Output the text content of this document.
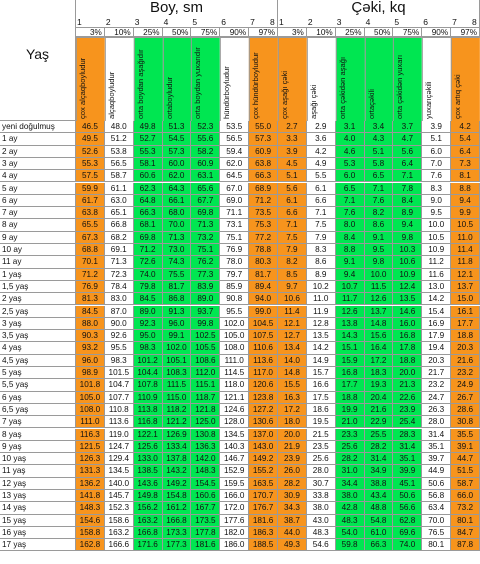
Yaş
Boy, sm	Çəki, kq
1	2	3	4	5	6	7 8 1	2	3	4	5	6	7 8
3%	10%	25%	50%	75%	90%	97%	3%	10%	25%	50%	75%	90%	97%
çox alçaqboyludur	alçaqboyludur	orta boydan aşağıdır	ortaboyludur	orta boydan yuxarıdır	hündürboyludur	çox hündürboyludur	çox aşağı çəki	aşağı çəki	orta çəkidən aşağı	ortaçəkili	orta çəkidən yuxarı	yuxarıçəkili	çox artıq çəki
yeni doğulmuş	46.5	48.0	49.8	51.3	52.3	53.5	55.0	2.7	2.9	3.1	3.4	3.7	3.9	4.2
1 ay	49.5	51.2	52.7	54.5	55.6	56.5	57.3	3.3	3.6	4.0	4.3	4.7	5.1	5.4
2 ay	52.6	53.8	55.3	57.3	58.2	59.4	60.9	3.9	4.2	4.6	5.1	5.6	6.0	6.4
3 ay	55.3	56.5	58.1	60.0	60.9	62.0	63.8	4.5	4.9	5.3	5.8	6.4	7.0	7.3
4 ay	57.5	58.7	60.6	62.0	63.1	64.5	66.3	5.1	5.5	6.0	6.5	7.1	7.6	8.1
5 ay	59.9	61.1	62.3	64.3	65.6	67.0	68.9	5.6	6.1	6.5	7.1	7.8	8.3	8.8
6 ay	61.7	63.0	64.8	66.1	67.7	69.0	71.2	6.1	6.6	7.1	7.6	8.4	9.0	9.4
7 ay	63.8	65.1	66.3	68.0	69.8	71.1	73.5	6.6	7.1	7.6	8.2	8.9	9.5	9.9
8 ay	65.5	66.8	68.1	70.0	71.3	73.1	75.3	7.1	7.5	8.0	8.6	9.4	10.0	10.5
9 ay	67.3	68.2	69.8	71.3	73.2	75.1	77.2	7.5	7.9	8.4	9.1	9.8	10.5	11.0
10 ay	68.8	69.1	71.2	73.0	75.1	76.9	78.8	7.9	8.3	8.8	9.5	10.3	10.9	11.4
11 ay	70.1	71.3	72.6	74.3	76.2	78.0	80.3	8.2	8.6	9.1	9.8	10.6	11.2	11.8
1 yaş	71.2	72.3	74.0	75.5	77.3	79.7	81.7	8.5	8.9	9.4	10.0	10.9	11.6	12.1
1,5 yaş	76.9	78.4	79.8	81.7	83.9	85.9	89.4	9.7	10.2	10.7	11.5	12.4	13.0	13.7
2 yaş	81.3	83.0	84.5	86.8	89.0	90.8	94.0	10.6	11.0	11.7	12.6	13.5	14.2	15.0
2,5 yaş	84.5	87.0	89.0	91.3	93.7	95.5	99.0	11.4	11.9	12.6	13.7	14.6	15.4	16.1
3 yaş	88.0	90.0	92.3	96.0	99.8	102.0	104.5	12.1	12.8	13.8	14.8	16.0	16.9	17.7
3,5 yaş	90.3	92.6	95.0	99.1	102.5	105.0	107.5	12.7	13.5	14.3	15.6	16.8	17.9	18.8
4 yaş	93.2	95.5	98.3	102.0	105.5	108.0	110.6	13.4	14.2	15.1	16.4	17.8	19.4	20.3
4,5 yaş	96.0	98.3	101.2	105.1	108.6	111.0	113.6	14.0	14.9	15.9	17.2	18.8	20.3	21.6
5 yaş	98.9	101.5	104.4	108.3	112.0	114.5	117.0	14.8	15.7	16.8	18.3	20.0	21.7	23.2
5,5 yaş	101.8	104.7	107.8	111.5	115.1	118.0	120.6	15.5	16.6	17.7	19.3	21.3	23.2	24.9
6 yaş	105.0	107.7	110.9	115.0	118.7	121.1	123.8	16.3	17.5	18.8	20.4	22.6	24.7	26.7
6,5 yaş	108.0	110.8	113.8	118.2	121.8	124.6	127.2	17.2	18.6	19.9	21.6	23.9	26.3	28.6
7 yaş	111.0	113.6	116.8	121.2	125.0	128.0	130.6	18.0	19.5	21.0	22.9	25.4	28.0	30.8
8 yaş	116.3	119.0	122.1	126.9	130.8	134.5	137.0	20.0	21.5	23.3	25.5	28.3	31.4	35.5
9 yaş	121.5	124.7	125.6	133.4	136.3	140.3	143.0	21.9	23.5	25.6	28.2	31.4	35.1	39.1
10 yaş	126.3	129.4	133.0	137.8	142.0	146.7	149.2	23.9	25.6	28.2	31.4	35.1	39.7	44.7
11 yaş	131.3	134.5	138.5	143.2	148.3	152.9	155.2	26.0	28.0	31.0	34.9	39.9	44.9	51.5
12 yaş	136.2	140.0	143.6	149.2	154.5	159.5	163.5	28.2	30.7	34.4	38.8	45.1	50.6	58.7
13 yaş	141.8	145.7	149.8	154.8	160.6	166.0	170.7	30.9	33.8	38.0	43.4	50.6	56.8	66.0
14 yaş	148.3	152.3	156.2	161.2	167.7	172.0	176.7	34.3	38.0	42.8	48.8	56.6	63.4	73.2
15 yaş	154.6	158.6	163.2	166.8	173.5	177.6	181.6	38.7	43.0	48.3	54.8	62.8	70.0	80.1
16 yaş	158.8	163.2	166.8	173.3	177.8	182.0	186.3	44.0	48.3	54.0	61.0	69.6	76.5	84.7
17 yaş	162.8	166.6	171.6	177.3	181.6	186.0	188.5	49.3	54.6	59.8	66.3	74.0	80.1	87.8
